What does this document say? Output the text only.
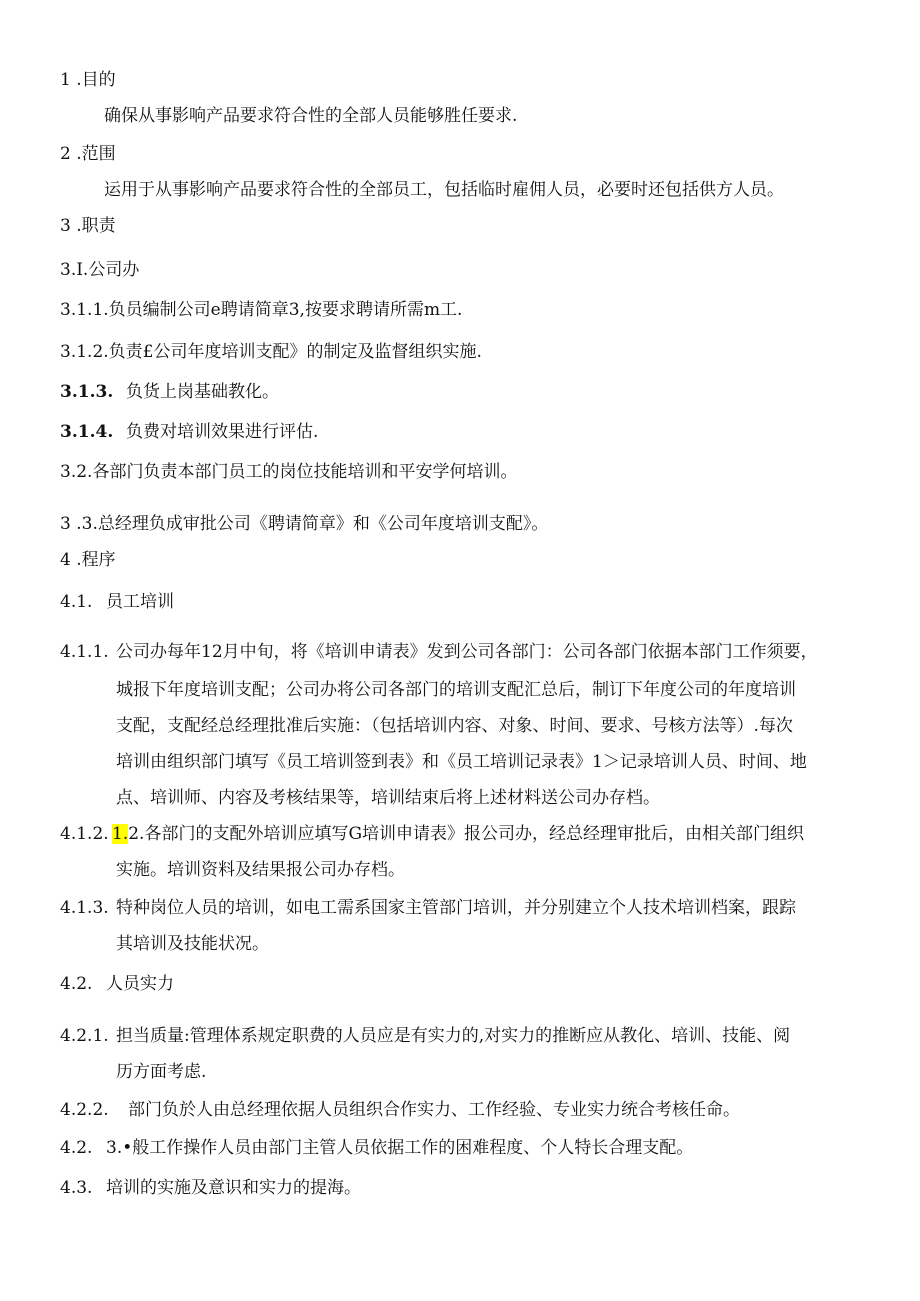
1 .目的
确保从事影响产品要求符合性的全部人员能够胜任要求.
2 .范围
运用于从事影响产品要求符合性的全部员工，包括临时雇佣人员，必要时还包括供方人员。
3 .职责
3.I.公司办
3.1.1.负员编制公司e聘请简章3,按要求聘请所需m工.
3.1.2.负责£公司年度培训支配》的制定及监督组织实施.
3.1.3. 负货上岗基础教化。
3.1.4. 负费对培训效果进行评估.
3.2.各部门负责本部门员工的岗位技能培训和平安学何培训。
3 .3.总经理负成审批公司《聘请简章》和《公司年度培训支配》。
4 .程序
4.1. 员工培训
4.1.1. 公司办每年12月中旬，将《培训申请表》发到公司各部门：公司各部门依据本部门工作须要，
城报下年度培训支配；公司办将公司各部门的培训支配汇总后，制订下年度公司的年度培训
支配，支配经总经理批准后实施：（包括培训内容、对象、时间、要求、号核方法等）.每次
培训由组织部门填写《员工培训签到表》和《员工培训记录表》1＞记录培训人员、时间、地
点、培训师、内容及考核结果等，培训结束后将上述材料送公司办存档。
4.1.2. 1.2.各部门的支配外培训应填写G培训申请表》报公司办，经总经理审批后，由相关部门组织
实施。培训资料及结果报公司办存档。
4.1.3. 特种岗位人员的培训，如电工需系国家主管部门培训，并分别建立个人技术培训档案，跟踪
其培训及技能状况。
4.2. 人员实力
4.2.1. 担当质量:管理体系规定职费的人员应是有实力的,对实力的推断应从教化、培训、技能、阅
历方面考虑.
4.2.2. 部门负於人由总经理依据人员组织合作实力、工作经验、专业实力统合考核任命。
4.2. 3.•般工作操作人员由部门主管人员依据工作的困难程度、个人特长合理支配。
4.3. 培训的实施及意识和实力的提海。
